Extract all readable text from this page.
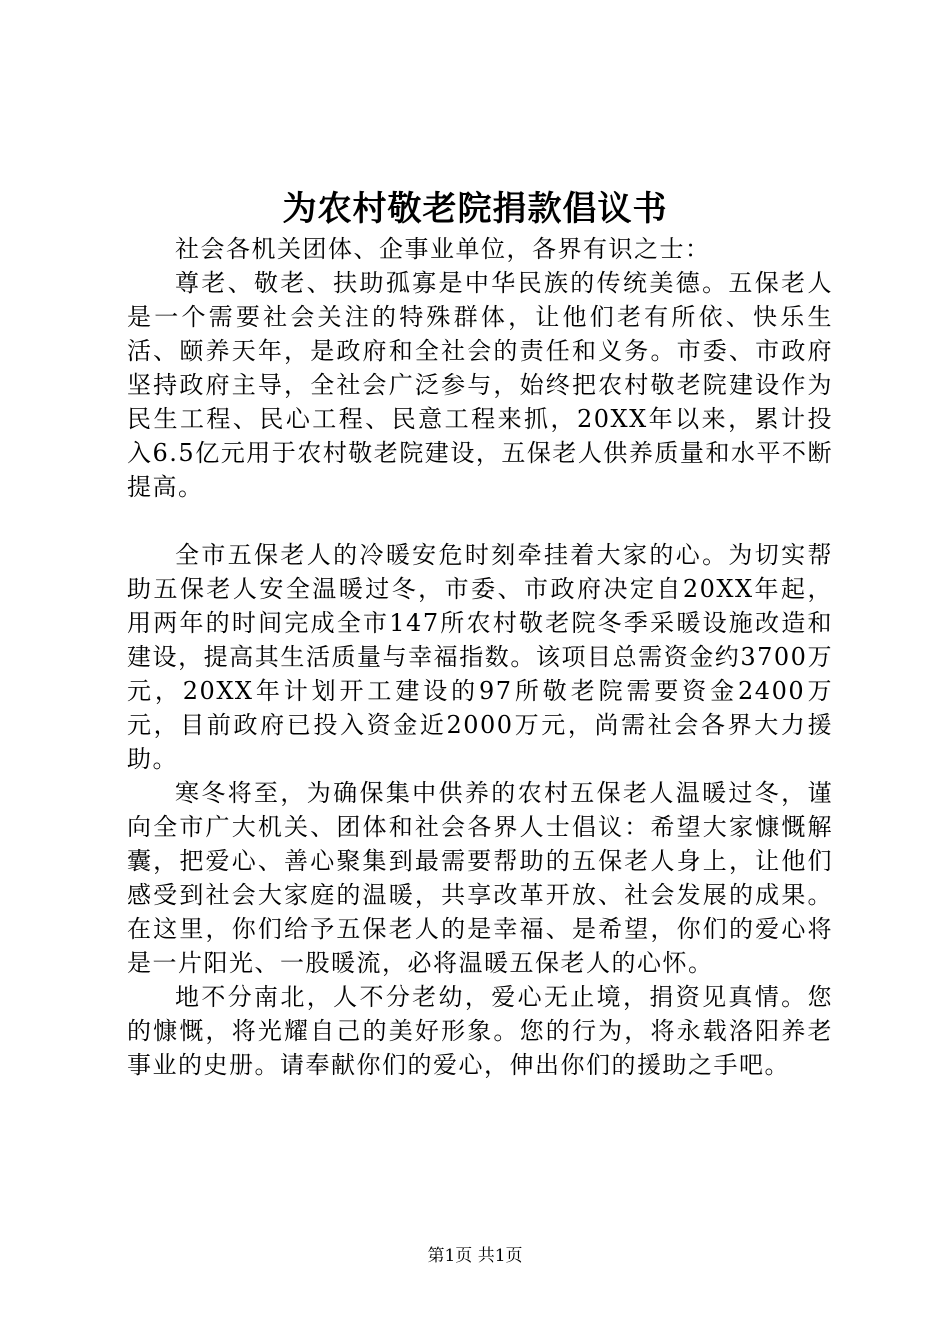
为农村敬老院捐款倡议书

社会各机关团体、企事业单位，各界有识之士：

尊老、敬老、扶助孤寡是中华民族的传统美德。五保老人是一个需要社会关注的特殊群体，让他们老有所依、快乐生活、颐养天年，是政府和全社会的责任和义务。市委、市政府坚持政府主导，全社会广泛参与，始终把农村敬老院建设作为民生工程、民心工程、民意工程来抓，20XX年以来，累计投入6.5亿元用于农村敬老院建设，五保老人供养质量和水平不断提高。

全市五保老人的冷暖安危时刻牵挂着大家的心。为切实帮助五保老人安全温暖过冬，市委、市政府决定自20XX年起，用两年的时间完成全市147所农村敬老院冬季采暖设施改造和建设，提高其生活质量与幸福指数。该项目总需资金约3700万元，20XX年计划开工建设的97所敬老院需要资金2400万元，目前政府已投入资金近2000万元，尚需社会各界大力援助。

寒冬将至，为确保集中供养的农村五保老人温暖过冬，谨向全市广大机关、团体和社会各界人士倡议：希望大家慷慨解囊，把爱心、善心聚集到最需要帮助的五保老人身上，让他们感受到社会大家庭的温暖，共享改革开放、社会发展的成果。在这里，你们给予五保老人的是幸福、是希望，你们的爱心将是一片阳光、一股暖流，必将温暖五保老人的心怀。

地不分南北，人不分老幼，爱心无止境，捐资见真情。您的慷慨，将光耀自己的美好形象。您的行为，将永载洛阳养老事业的史册。请奉献你们的爱心，伸出你们的援助之手吧。

第1页 共1页
